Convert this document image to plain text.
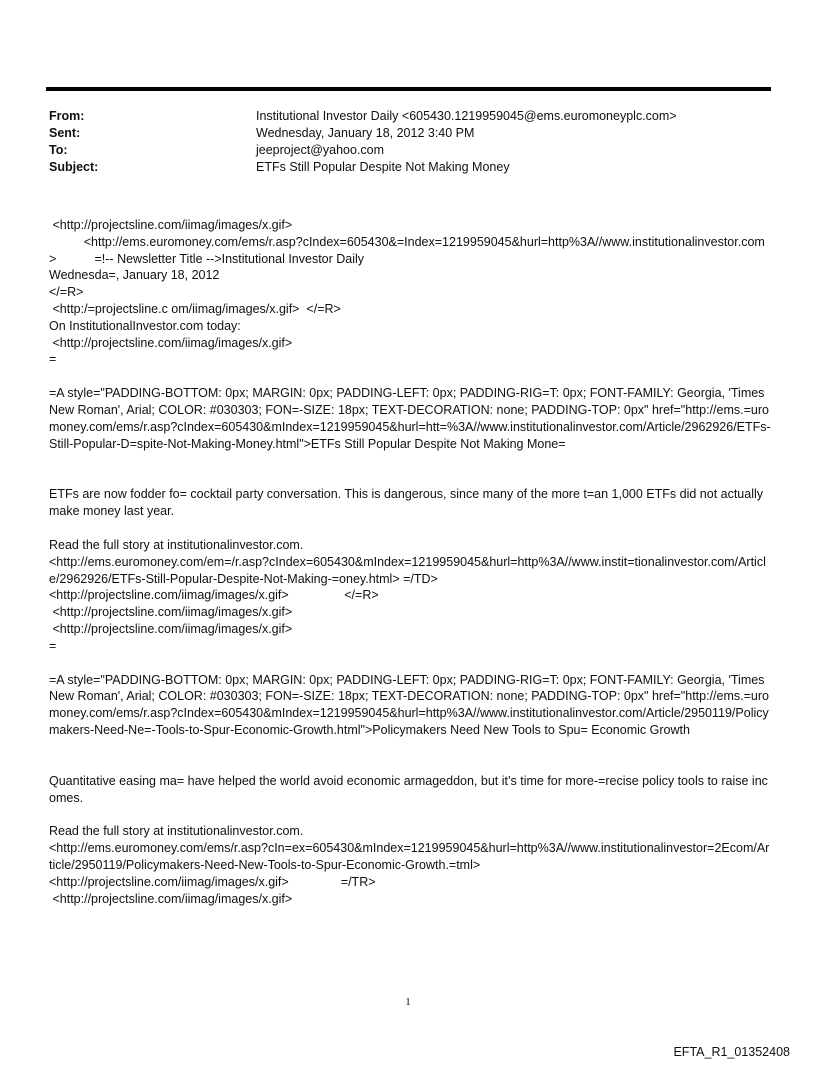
From:	Institutional Investor Daily <605430.1219959045@ems.euromoneyplc.com>
Sent:	Wednesday, January 18, 2012 3:40 PM
To:	jeeproject@yahoo.com
Subject:	ETFs Still Popular Despite Not Making Money

<http://projectsline.com/iimag/images/x.gif>

<http://ems.euromoney.com/ems/r.asp?cIndex=605430&=Index=1219959045&hurl=http%3A//www.institutionalinvestor.com>           =!-- Newsletter Title -->Institutional Investor Daily

Wednesda=, January 18, 2012

</=R>

<http:/=projectsline.c om/iimag/images/x.gif>  </=R>

On InstitutionalInvestor.com today:

<http://projectsline.com/iimag/images/x.gif>

=

=A style="PADDING-BOTTOM: 0px; MARGIN: 0px; PADDING-LEFT: 0px; PADDING-RIG=T: 0px; FONT-FAMILY: Georgia, 'Times New Roman', Arial; COLOR: #030303; FON=-SIZE: 18px; TEXT-DECORATION: none; PADDING-TOP: 0px" href="http://ems.=uromoney.com/ems/r.asp?cIndex=605430&mIndex=1219959045&hurl=htt=%3A//www.institutionalinvestor.com/Article/2962926/ETFs-Still-Popular-D=spite-Not-Making-Money.html">ETFs Still Popular Despite Not Making Mone=

ETFs are now fodder fo= cocktail party conversation. This is dangerous, since many of the more t=an 1,000 ETFs did not actually make money last year.

Read the full story at institutionalinvestor.com.

<http://ems.euromoney.com/em=/r.asp?cIndex=605430&mIndex=1219959045&hurl=http%3A//www.instit=tionalinvestor.com/Article/2962926/ETFs-Still-Popular-Despite-Not-Making-=oney.html> =/TD>

<http://projectsline.com/iimag/images/x.gif>                </=R>

<http://projectsline.com/iimag/images/x.gif>

<http://projectsline.com/iimag/images/x.gif>

=

=A style="PADDING-BOTTOM: 0px; MARGIN: 0px; PADDING-LEFT: 0px; PADDING-RIG=T: 0px; FONT-FAMILY: Georgia, 'Times New Roman', Arial; COLOR: #030303; FON=-SIZE: 18px; TEXT-DECORATION: none; PADDING-TOP: 0px" href="http://ems.=uromoney.com/ems/r.asp?cIndex=605430&mIndex=1219959045&hurl=http%3A//www.institutionalinvestor.com/Article/2950119/Policymakers-Need-Ne=-Tools-to-Spur-Economic-Growth.html">Policymakers Need New Tools to Spu= Economic Growth

Quantitative easing ma= have helped the world avoid economic armageddon, but it’s time for more-=recise policy tools to raise incomes.

Read the full story at institutionalinvestor.com.

<http://ems.euromoney.com/ems/r.asp?cIn=ex=605430&mIndex=1219959045&hurl=http%3A//www.institutionalinvestor=2Ecom/Article/2950119/Policymakers-Need-New-Tools-to-Spur-Economic-Growth.=tml>

<http://projectsline.com/iimag/images/x.gif>               =/TR>

<http://projectsline.com/iimag/images/x.gif>

1
EFTA_R1_01352408
